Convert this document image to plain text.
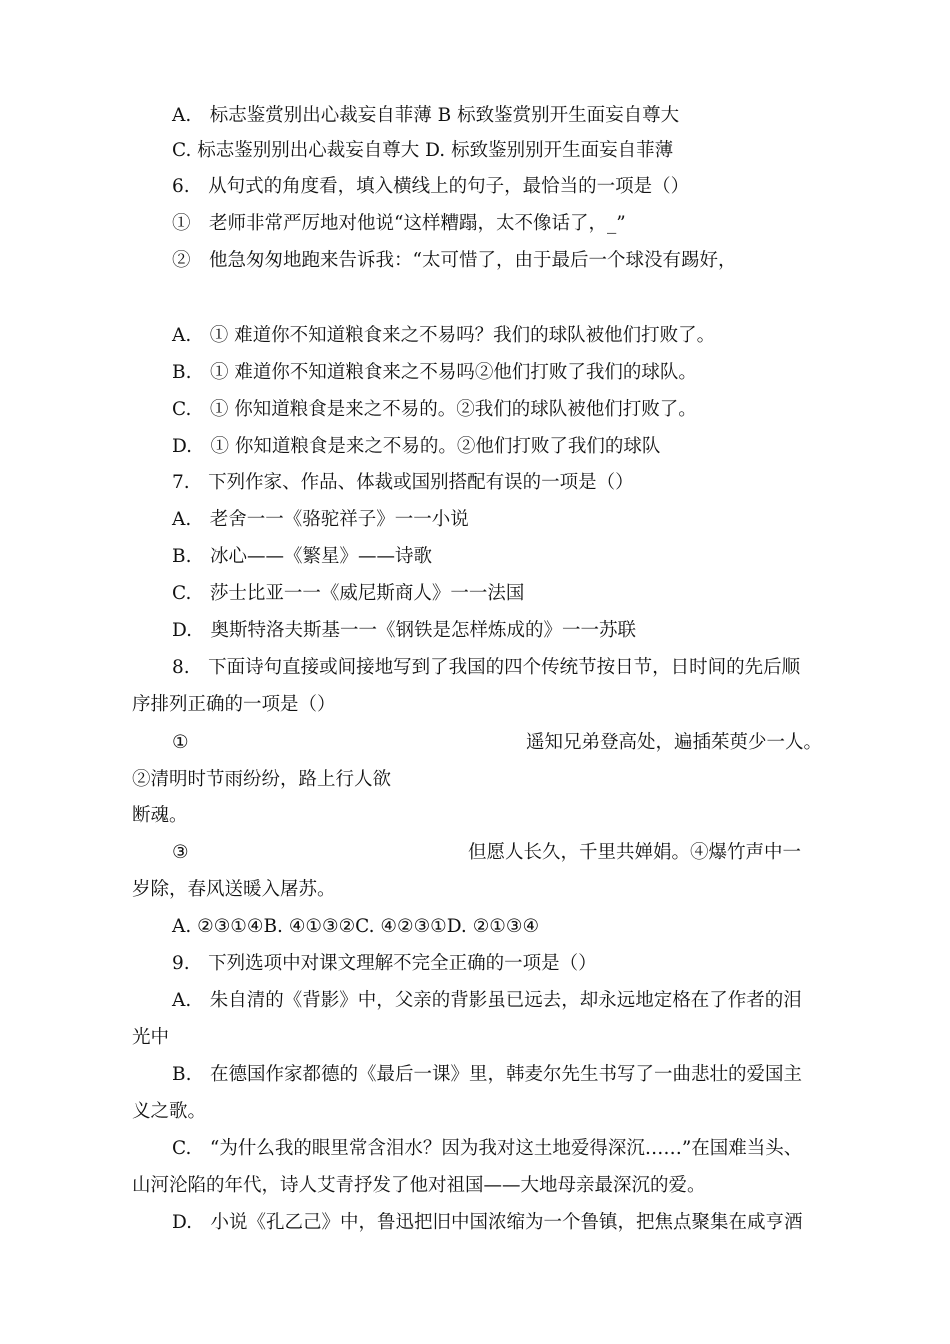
A.　标志鉴赏别出心裁妄自菲薄 B 标致鉴赏别开生面妄自尊大
C. 标志鉴别别出心裁妄自尊大 D. 标致鉴别别开生面妄自菲薄
6.　从句式的角度看，填入横线上的句子，最恰当的一项是（）
①　老师非常严厉地对他说“这样糟蹋，太不像话了，_”
②　他急匆匆地跑来告诉我：“太可惜了，由于最后一个球没有踢好，
A.　① 难道你不知道粮食来之不易吗？我们的球队被他们打败了。
B.　① 难道你不知道粮食来之不易吗②他们打败了我们的球队。
C.　① 你知道粮食是来之不易的。②我们的球队被他们打败了。
D.　① 你知道粮食是来之不易的。②他们打败了我们的球队
7.　下列作家、作品、体裁或国别搭配有误的一项是（）
A.　老舍一一《骆驼祥子》一一小说
B.　冰心——《繁星》——诗歌
C.　莎士比亚一一《威尼斯商人》一一法国
D.　奥斯特洛夫斯基一一《钢铁是怎样炼成的》一一苏联
8.　下面诗句直接或间接地写到了我国的四个传统节按日节，日时间的先后顺
序排列正确的一项是（）
①	遥知兄弟登高处，遍插茱萸少一人。
②清明时节雨纷纷，路上行人欲
断魂。
③	但愿人长久，千里共婵娟。④爆竹声中一
岁除，春风送暖入屠苏。
A. ②③①④B. ④①③②C. ④②③①D. ②①③④
9.　下列选项中对课文理解不完全正确的一项是（）
A.　朱自清的《背影》中，父亲的背影虽已远去，却永远地定格在了作者的泪
光中
B.　在德国作家都德的《最后一课》里，韩麦尔先生书写了一曲悲壮的爱国主
义之歌。
C.　“为什么我的眼里常含泪水？因为我对这土地爱得深沉……”在国难当头、
山河沦陷的年代，诗人艾青抒发了他对祖国——大地母亲最深沉的爱。
D.　小说《孔乙己》中，鲁迅把旧中国浓缩为一个鲁镇，把焦点聚集在咸亨酒
